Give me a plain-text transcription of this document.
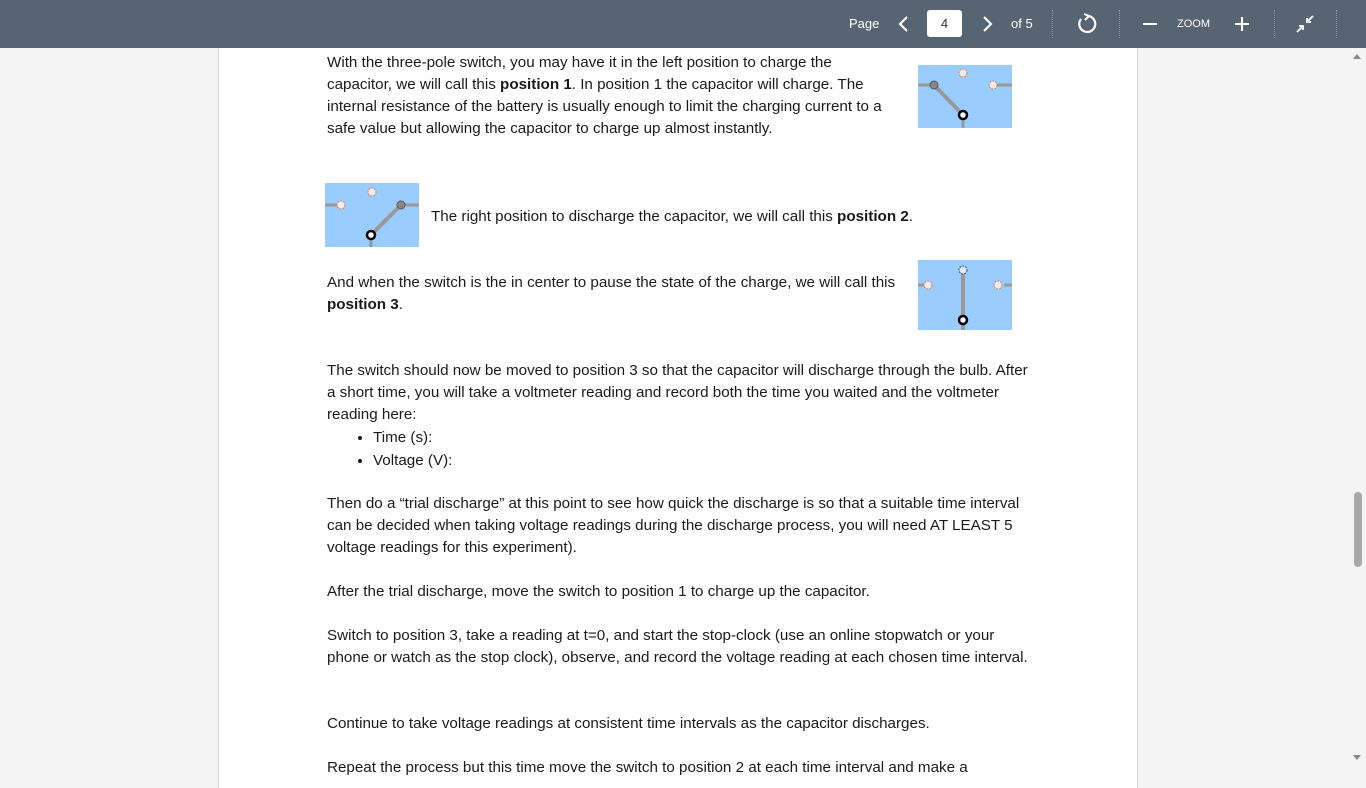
Page
4	of 5	ZOOM

With the three-pole switch, you may have it in the left position to charge the capacitor, we will call this position 1. In position 1 the capacitor will charge. The internal resistance of the battery is usually enough to limit the charging current to a safe value but allowing the capacitor to charge up almost instantly.

The right position to discharge the capacitor, we will call this position 2.

And when the switch is the in center to pause the state of the charge, we will call this position 3.

The switch should now be moved to position 3 so that the capacitor will discharge through the bulb. After a short time, you will take a voltmeter reading and record both the time you waited and the voltmeter reading here:

• Time (s):
• Voltage (V):

Then do a “trial discharge” at this point to see how quick the discharge is so that a suitable time interval can be decided when taking voltage readings during the discharge process, you will need AT LEAST 5 voltage readings for this experiment).

After the trial discharge, move the switch to position 1 to charge up the capacitor.

Switch to position 3, take a reading at t=0, and start the stop-clock (use an online stopwatch or your phone or watch as the stop clock), observe, and record the voltage reading at each chosen time interval.

Continue to take voltage readings at consistent time intervals as the capacitor discharges.

Repeat the process but this time move the switch to position 2 at each time interval and make a
